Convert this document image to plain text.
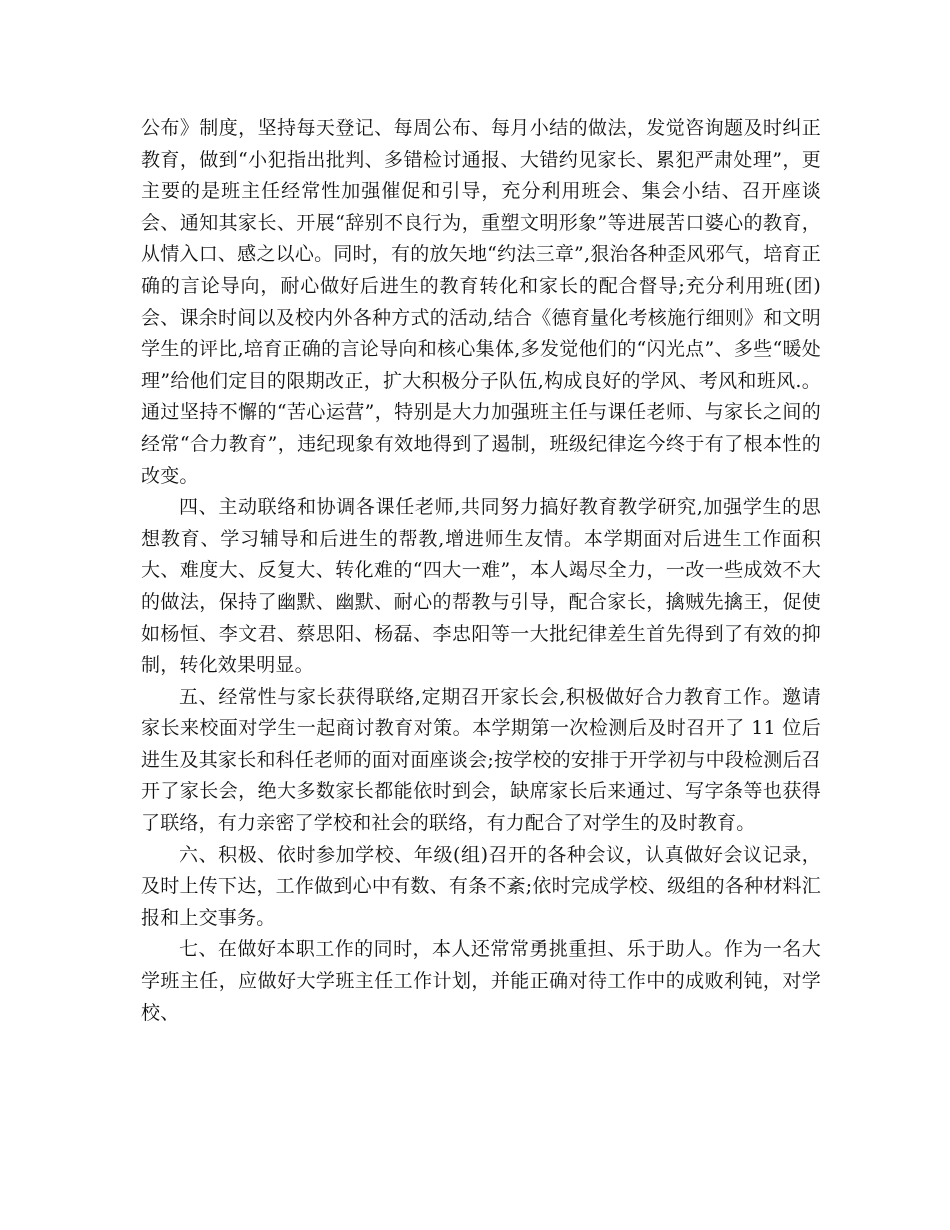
公布》制度，坚持每天登记、每周公布、每月小结的做法，发觉咨询题及时纠正教育，做到“小犯指出批判、多错检讨通报、大错约见家长、累犯严肃处理”，更主要的是班主任经常性加强催促和引导，充分利用班会、集会小结、召开座谈会、通知其家长、开展“辞别不良行为，重塑文明形象”等进展苦口婆心的教育，从情入口、感之以心。同时，有的放矢地“约法三章”,狠治各种歪风邪气，培育正确的言论导向，耐心做好后进生的教育转化和家长的配合督导;充分利用班(团)会、课余时间以及校内外各种方式的活动,结合《德育量化考核施行细则》和文明学生的评比,培育正确的言论导向和核心集体,多发觉他们的“闪光点”、多些“暖处理”给他们定目的限期改正，扩大积极分子队伍,构成良好的学风、考风和班风.。通过坚持不懈的“苦心运营”，特别是大力加强班主任与课任老师、与家长之间的经常“合力教育”，违纪现象有效地得到了遏制，班级纪律迄今终于有了根本性的改变。

四、主动联络和协调各课任老师,共同努力搞好教育教学研究,加强学生的思想教育、学习辅导和后进生的帮教,增进师生友情。本学期面对后进生工作面积大、难度大、反复大、转化难的“四大一难”，本人竭尽全力，一改一些成效不大的做法，保持了幽默、幽默、耐心的帮教与引导，配合家长，擒贼先擒王，促使如杨恒、李文君、蔡思阳、杨磊、李忠阳等一大批纪律差生首先得到了有效的抑制，转化效果明显。

五、经常性与家长获得联络,定期召开家长会,积极做好合力教育工作。邀请家长来校面对学生一起商讨教育对策。本学期第一次检测后及时召开了 11 位后进生及其家长和科任老师的面对面座谈会;按学校的安排于开学初与中段检测后召开了家长会，绝大多数家长都能依时到会，缺席家长后来通过、写字条等也获得了联络，有力亲密了学校和社会的联络，有力配合了对学生的及时教育。

六、积极、依时参加学校、年级(组)召开的各种会议，认真做好会议记录，及时上传下达，工作做到心中有数、有条不紊;依时完成学校、级组的各种材料汇报和上交事务。

七、在做好本职工作的同时，本人还常常勇挑重担、乐于助人。作为一名大学班主任，应做好大学班主任工作计划，并能正确对待工作中的成败利钝，对学校、
